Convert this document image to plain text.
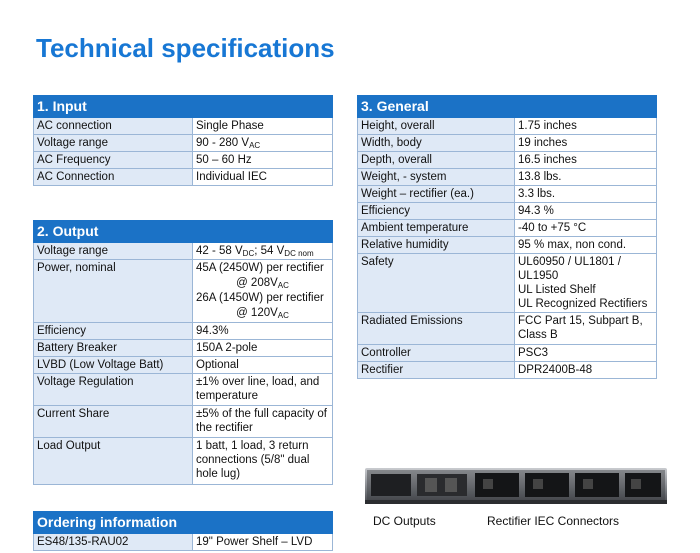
Technical specifications
1. Input	
AC connection	Single Phase
Voltage range	90 - 280 $V_{AC}$
AC Frequency	50 – 60 Hz
AC Connection	Individual IEC
2. Output	
Voltage range	42 - 58 $V_{DC}$; 54 $V_{DC nom}$
Power, nominal	45A (2450W) per rectifier
@ $208V_{AC}$
26A (1450W) per rectifier
@ $120V_{AC}$

Efficiency	94.3%
Battery Breaker	150A 2-pole
LVBD (Low Voltage Batt)	Optional
Voltage Regulation	±1% over line, load, and temperature
Current Share	±5% of the full capacity of the rectifier
Load Output	1 batt, 1 load, 3 return connections (5/8" dual hole lug)
Ordering information
ES48/135-RAU02	19" Power Shelf – LVD
3. General	
Height, overall	1.75 inches
Width, body	19 inches
Depth, overall	16.5 inches
Weight, - system	13.8 lbs.
Weight – rectifier (ea.)	3.3 lbs.
Efficiency	94.3 %
Ambient temperature	-40 to +75 °C
Relative humidity	95 % max, non cond.
Safety	UL60950 / UL1801 / UL1950
UL Listed Shelf
UL Recognized Rectifiers

Radiated Emissions	FCC Part 15, Subpart B, Class B
Controller	PSC3
Rectifier	DPR2400B-48
DC Outputs	Rectifier IEC Connectors
